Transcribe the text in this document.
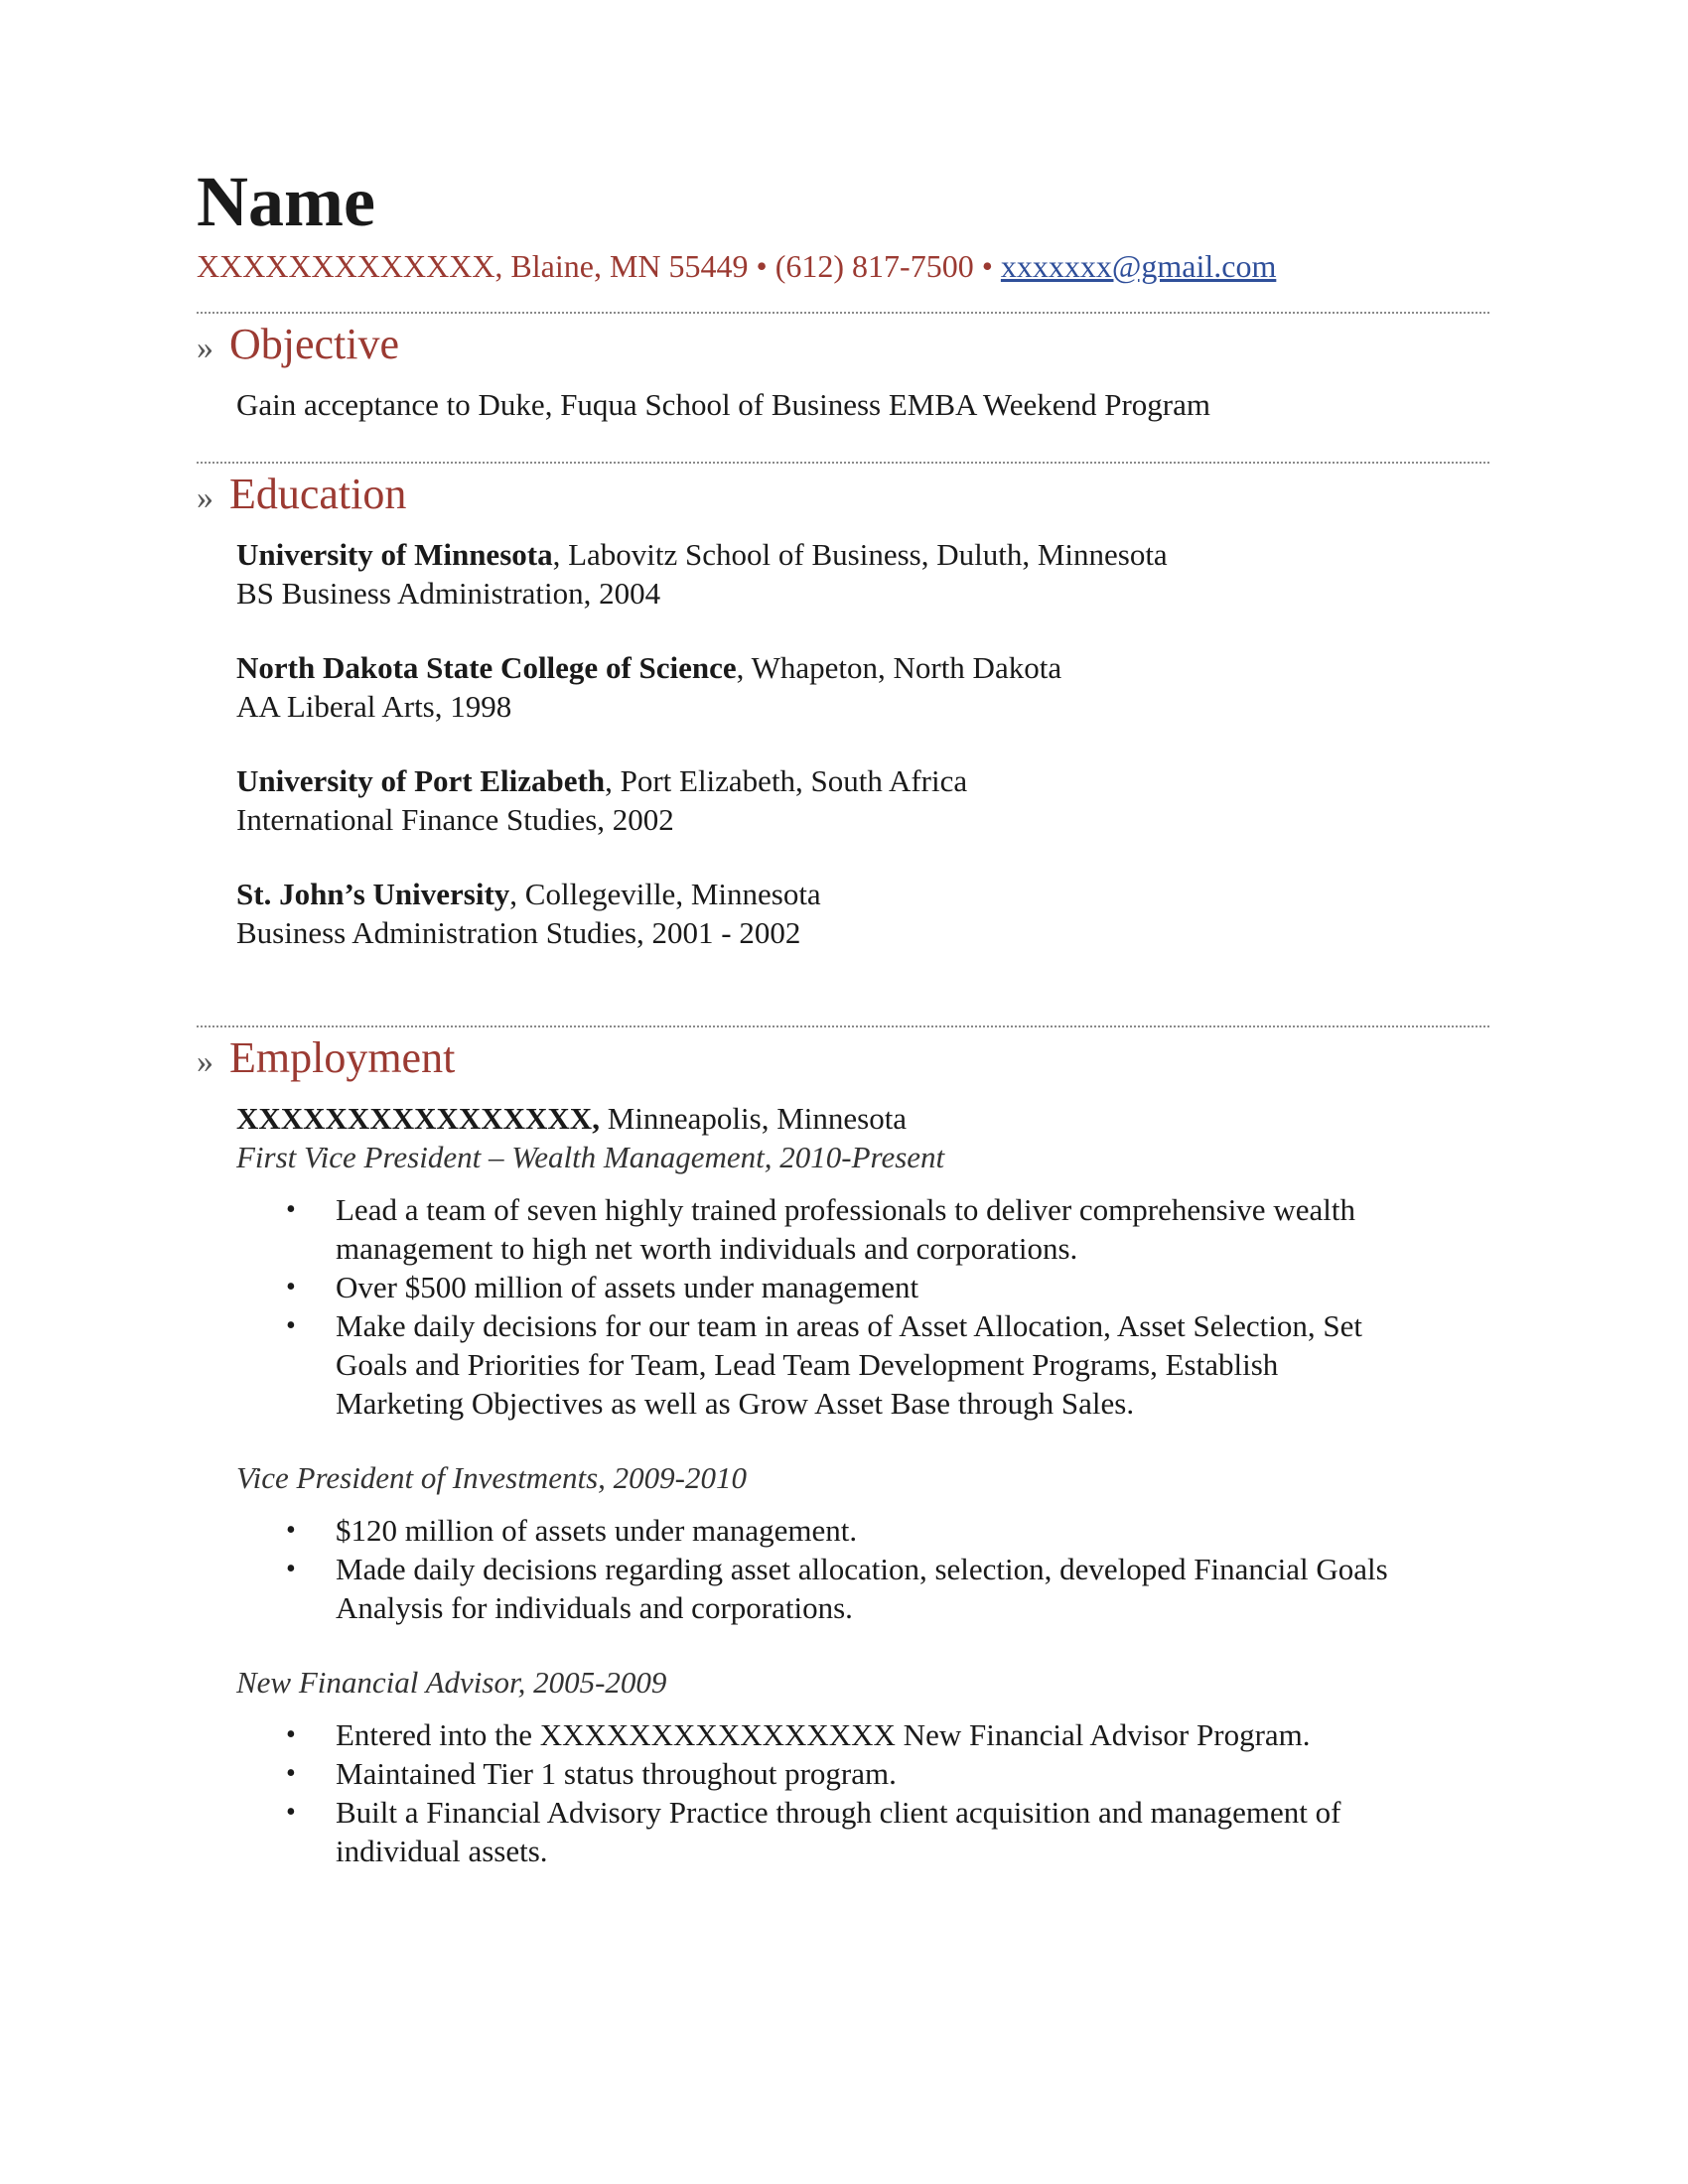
Name
XXXXXXXXXXXXX, Blaine, MN 55449 • (612) 817-7500 • xxxxxxx@gmail.com
» Objective
Gain acceptance to Duke, Fuqua School of Business EMBA Weekend Program
» Education
University of Minnesota, Labovitz School of Business, Duluth, Minnesota
BS Business Administration, 2004
North Dakota State College of Science, Whapeton, North Dakota
AA Liberal Arts, 1998
University of Port Elizabeth, Port Elizabeth, South Africa
International Finance Studies, 2002
St. John’s University, Collegeville, Minnesota
Business Administration Studies, 2001 - 2002
» Employment
XXXXXXXXXXXXXXXX, Minneapolis, Minnesota
First Vice President – Wealth Management, 2010-Present
• Lead a team of seven highly trained professionals to deliver comprehensive wealth
management to high net worth individuals and corporations.
• Over $500 million of assets under management
• Make daily decisions for our team in areas of Asset Allocation, Asset Selection, Set
Goals and Priorities for Team, Lead Team Development Programs, Establish
Marketing Objectives as well as Grow Asset Base through Sales.
Vice President of Investments, 2009-2010
• $120 million of assets under management.
• Made daily decisions regarding asset allocation, selection, developed Financial Goals
Analysis for individuals and corporations.
New Financial Advisor, 2005-2009
• Entered into the XXXXXXXXXXXXXXXX New Financial Advisor Program.
• Maintained Tier 1 status throughout program.
• Built a Financial Advisory Practice through client acquisition and management of
individual assets.
